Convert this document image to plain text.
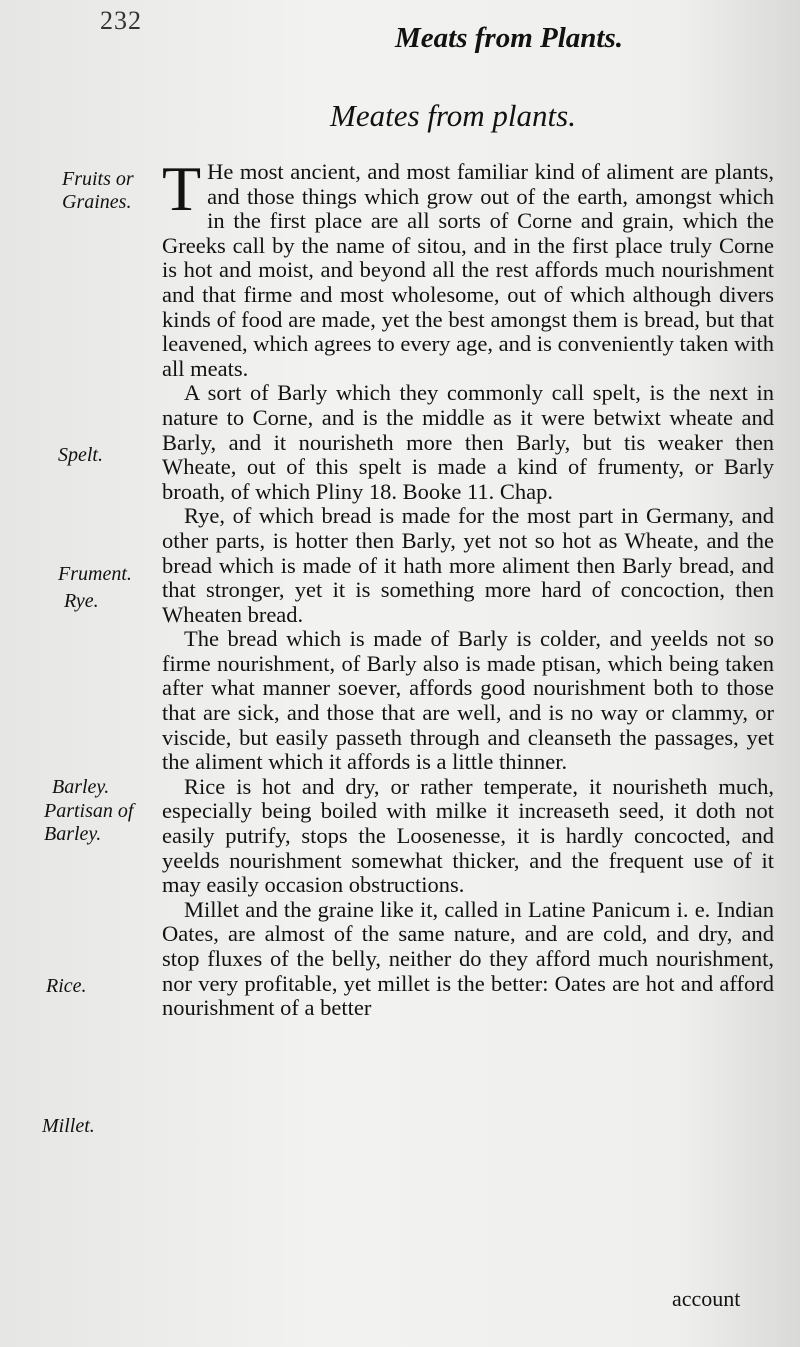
232
Meats from Plants.
Meates from plants.
Fruits or Graines.
Spelt.
Frument.
Rye.
Barley.
Partisan of Barley.
Rice.
Millet.

T He most ancient, and most familiar kind of aliment are plants, and those things which grow out of the earth, amongst which in the first place are all sorts of Corne and grain, which the Greeks call by the name of sitou, and in the first place truly Corne is hot and moist, and beyond all the rest affords much nourishment and that firme and most wholesome, out of which although divers kinds of food are made, yet the best amongst them is bread, but that leavened, which agrees to every age, and is conveniently taken with all meats.

A sort of Barly which they commonly call spelt, is the next in nature to Corne, and is the middle as it were betwixt wheate and Barly, and it nourisheth more then Barly, but tis weaker then Wheate, out of this spelt is made a kind of frumenty, or Barly broath, of which Pliny 18. Booke 11. Chap.

Rye, of which bread is made for the most part in Germany, and other parts, is hotter then Barly, yet not so hot as Wheate, and the bread which is made of it hath more aliment then Barly bread, and that stronger, yet it is something more hard of concoction, then Wheaten bread.

The bread which is made of Barly is colder, and yeelds not so firme nourishment, of Barly also is made ptisan, which being taken after what manner soever, affords good nourishment both to those that are sick, and those that are well, and is no way or clammy, or viscide, but easily passeth through and cleanseth the passages, yet the aliment which it affords is a little thinner.

Rice is hot and dry, or rather temperate, it nourisheth much, especially being boiled with milke it increaseth seed, it doth not easily putrify, stops the Loosenesse, it is hardly concocted, and yeelds nourishment somewhat thicker, and the frequent use of it may easily occasion obstructions.

Millet and the graine like it, called in Latine Panicum i. e. Indian Oates, are almost of the same nature, and are cold, and dry, and stop fluxes of the belly, neither do they afford much nourishment, nor very profitable, yet millet is the better: Oates are hot and afford nourishment of a better

account
